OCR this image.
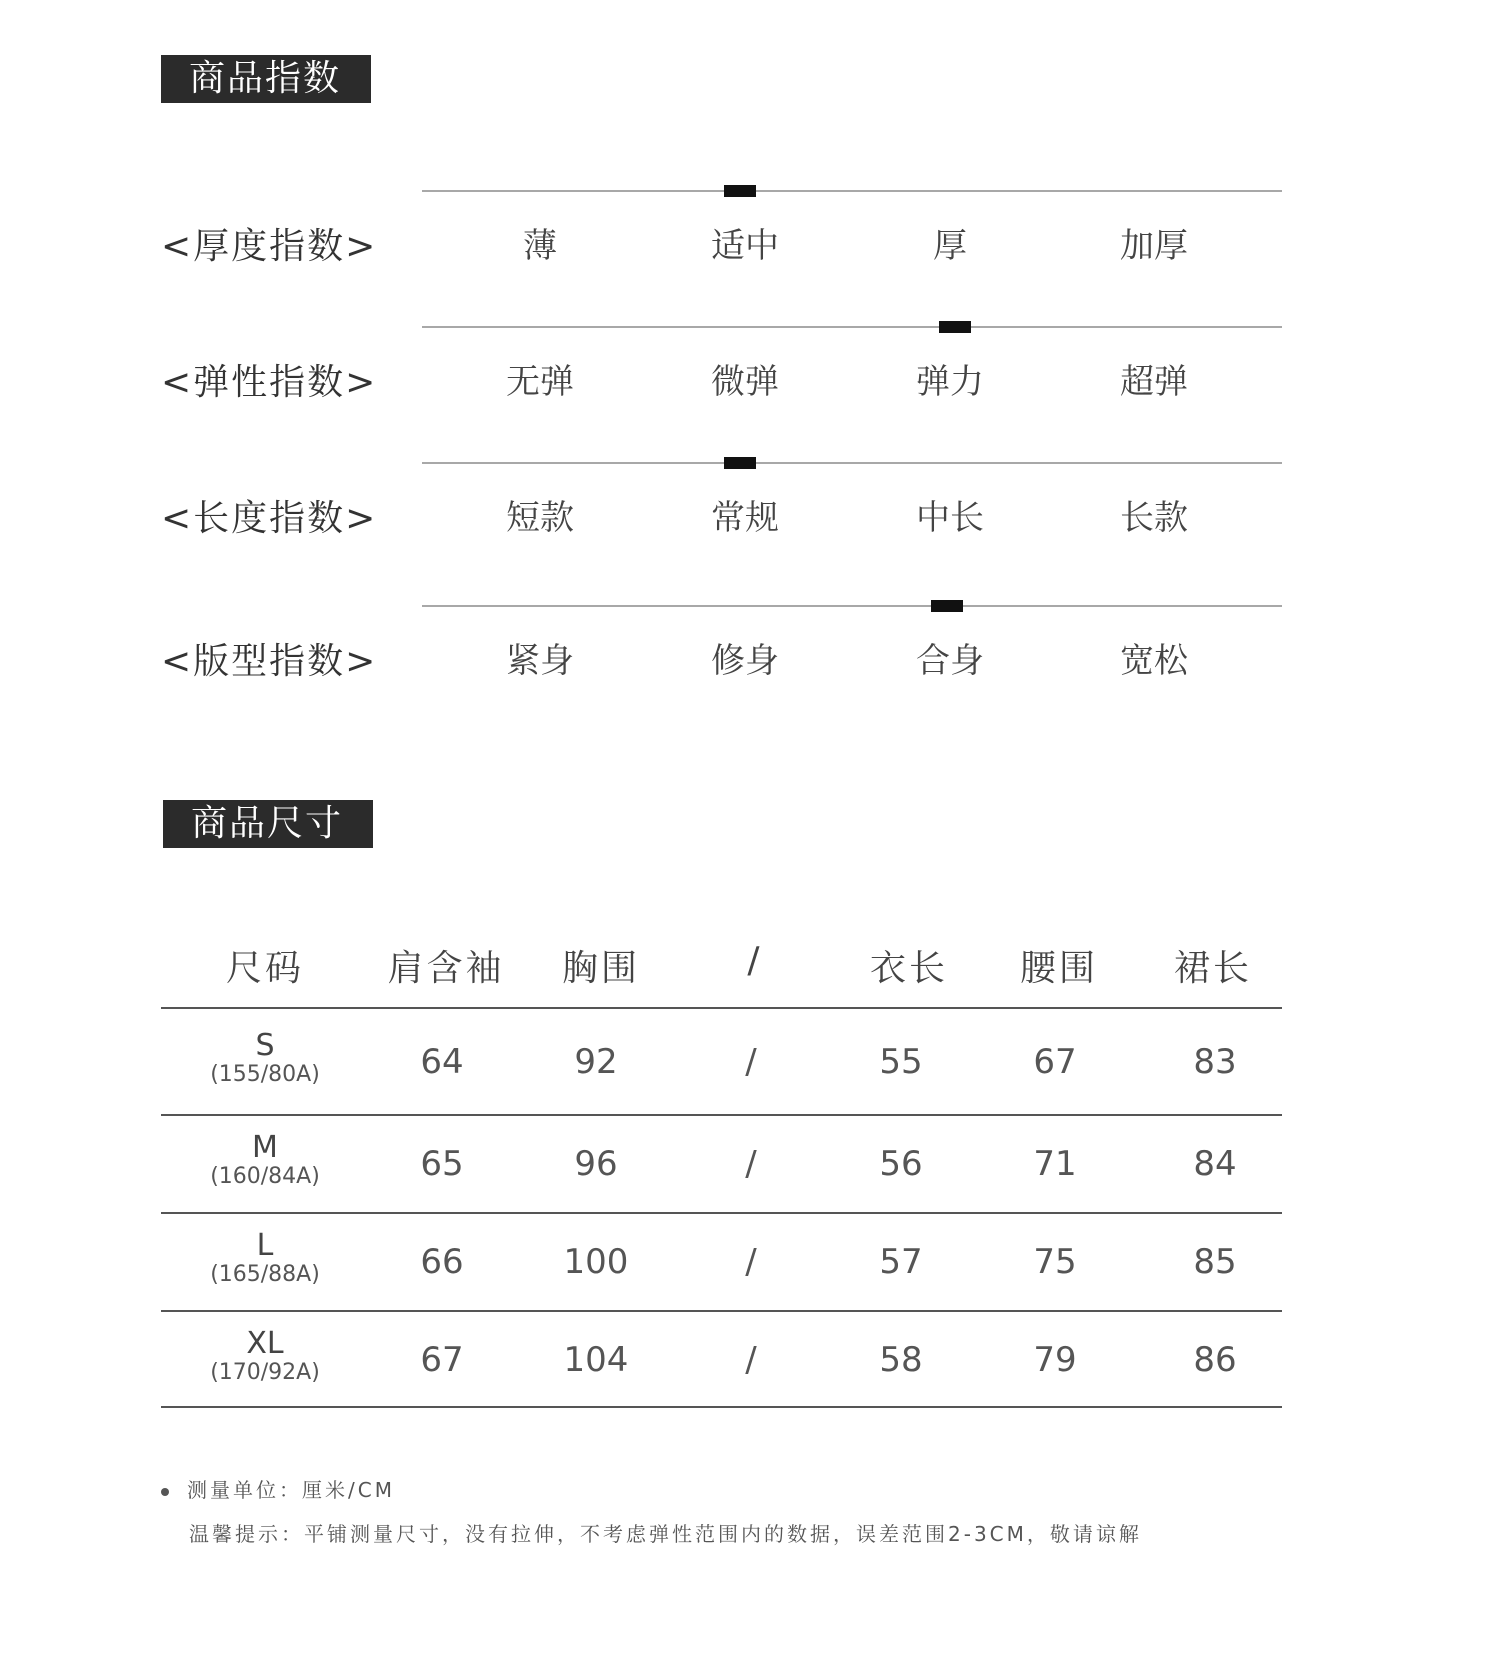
商品指数
<厚度指数>	薄	适中	厚	加厚
<弹性指数>	无弹	微弹	弹力	超弹
<长度指数>	短款	常规	中长	长款
<版型指数>	紧身	修身	合身	宽松
商品尺寸
尺码 肩含袖 胸围	/	衣长 腰围 裙长
S
(155/80A)	64	92	/	55	67	83
M
(160/84A)	65	96	/	56	71	84
L
(165/88A)	66	100	/	57	75	85
XL
(170/92A)	67	104	/	58	79	86
测量单位：厘米/CM
温馨提示：平铺测量尺寸，没有拉伸，不考虑弹性范围内的数据，误差范围2-3CM，敬请谅解
